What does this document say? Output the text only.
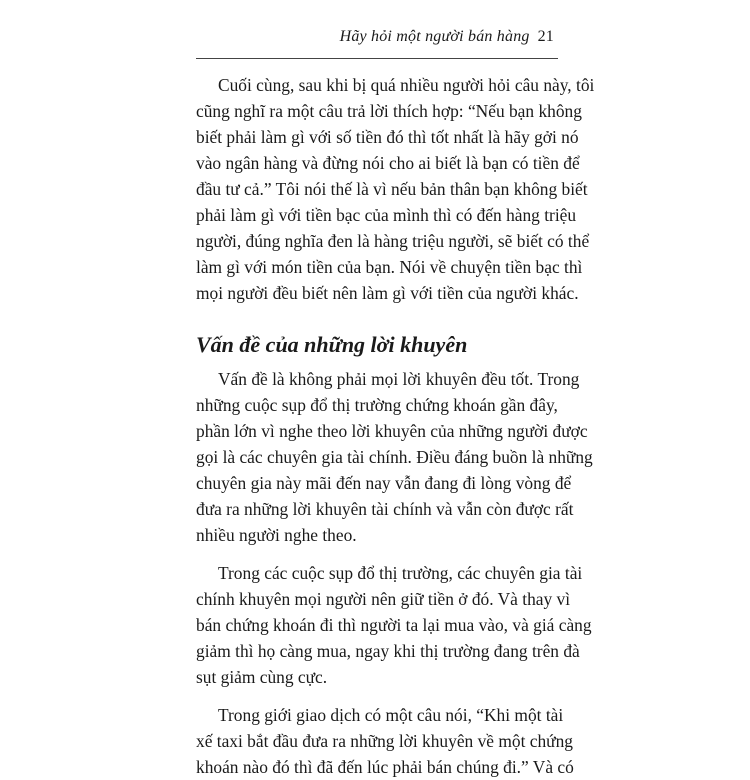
Hãy hỏi một người bán hàng 21

Cuối cùng, sau khi bị quá nhiều người hỏi câu này, tôi
cũng nghĩ ra một câu trả lời thích hợp: “Nếu bạn không
biết phải làm gì với số tiền đó thì tốt nhất là hãy gởi nó
vào ngân hàng và đừng nói cho ai biết là bạn có tiền để
đầu tư cả.” Tôi nói thế là vì nếu bản thân bạn không biết
phải làm gì với tiền bạc của mình thì có đến hàng triệu
người, đúng nghĩa đen là hàng triệu người, sẽ biết có thể
làm gì với món tiền của bạn. Nói về chuyện tiền bạc thì
mọi người đều biết nên làm gì với tiền của người khác.

Vấn đề của những lời khuyên

Vấn đề là không phải mọi lời khuyên đều tốt. Trong
những cuộc sụp đổ thị trường chứng khoán gần đây,
phần lớn vì nghe theo lời khuyên của những người được
gọi là các chuyên gia tài chính. Điều đáng buồn là những
chuyên gia này mãi đến nay vẫn đang đi lòng vòng để
đưa ra những lời khuyên tài chính và vẫn còn được rất
nhiều người nghe theo.

Trong các cuộc sụp đổ thị trường, các chuyên gia tài
chính khuyên mọi người nên giữ tiền ở đó. Và thay vì
bán chứng khoán đi thì người ta lại mua vào, và giá càng
giảm thì họ càng mua, ngay khi thị trường đang trên đà
sụt giảm cùng cực.

Trong giới giao dịch có một câu nói, “Khi một tài
xế taxi bắt đầu đưa ra những lời khuyên về một chứng
khoán nào đó thì đã đến lúc phải bán chúng đi.” Và có
